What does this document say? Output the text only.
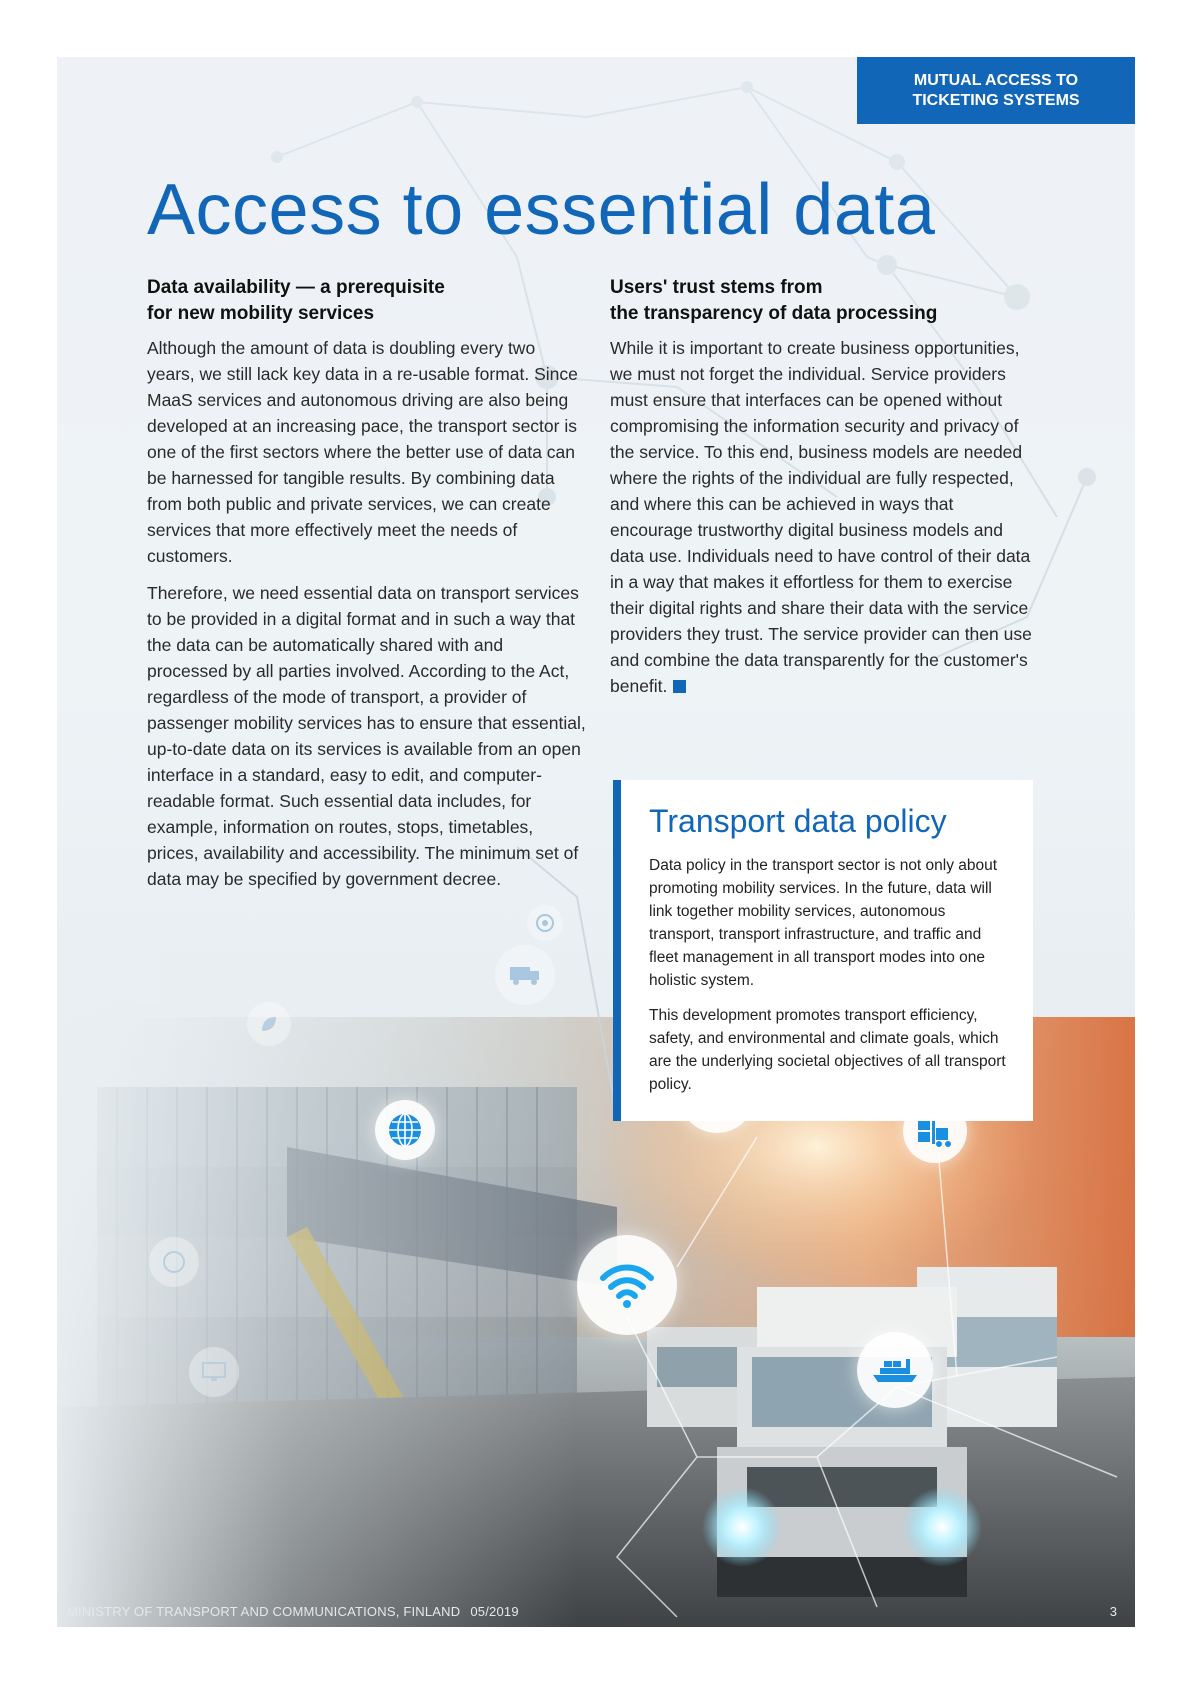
MUTUAL ACCESS TO
TICKETING SYSTEMS
Access to essential data
Data availability — a prerequisite
for new mobility services

Although the amount of data is doubling every two years, we still lack key data in a re-usable format. Since MaaS services and autonomous driving are also being developed at an increasing pace, the transport sector is one of the first sectors where the better use of data can be harnessed for tangible results. By combining data from both public and private services, we can create services that more effectively meet the needs of customers.

Therefore, we need essential data on transport services to be provided in a digital format and in such a way that the data can be automatically shared with and processed by all parties involved. According to the Act, regardless of the mode of transport, a provider of passenger mobility services has to ensure that essential, up-to-date data on its services is available from an open interface in a standard, easy to edit, and computer-readable format. Such essential data includes, for example, information on routes, stops, timetables, prices, availability and accessibility. The minimum set of data may be specified by government decree.

Users' trust stems from
the transparency of data processing

While it is important to create business opportunities, we must not forget the individual. Service providers must ensure that interfaces can be opened without compromising the information security and privacy of the service. To this end, business models are needed where the rights of the individual are fully respected, and where this can be achieved in ways that encourage trustworthy digital business models and data use. Individuals need to have control of their data in a way that makes it effortless for them to exercise their digital rights and share their data with the service providers they trust. The service provider can then use and combine the data transparently for the customer's benefit.

Transport data policy

Data policy in the transport sector is not only about promoting mobility services. In the future, data will link together mobility services, autonomous transport, transport infrastructure, and traffic and fleet management in all transport modes into one holistic system.

This development promotes transport efficiency, safety, and environmental and climate goals, which are the underlying societal objectives of all transport policy.

MINISTRY OF TRANSPORT AND COMMUNICATIONS, FINLAND 05/2019	3
